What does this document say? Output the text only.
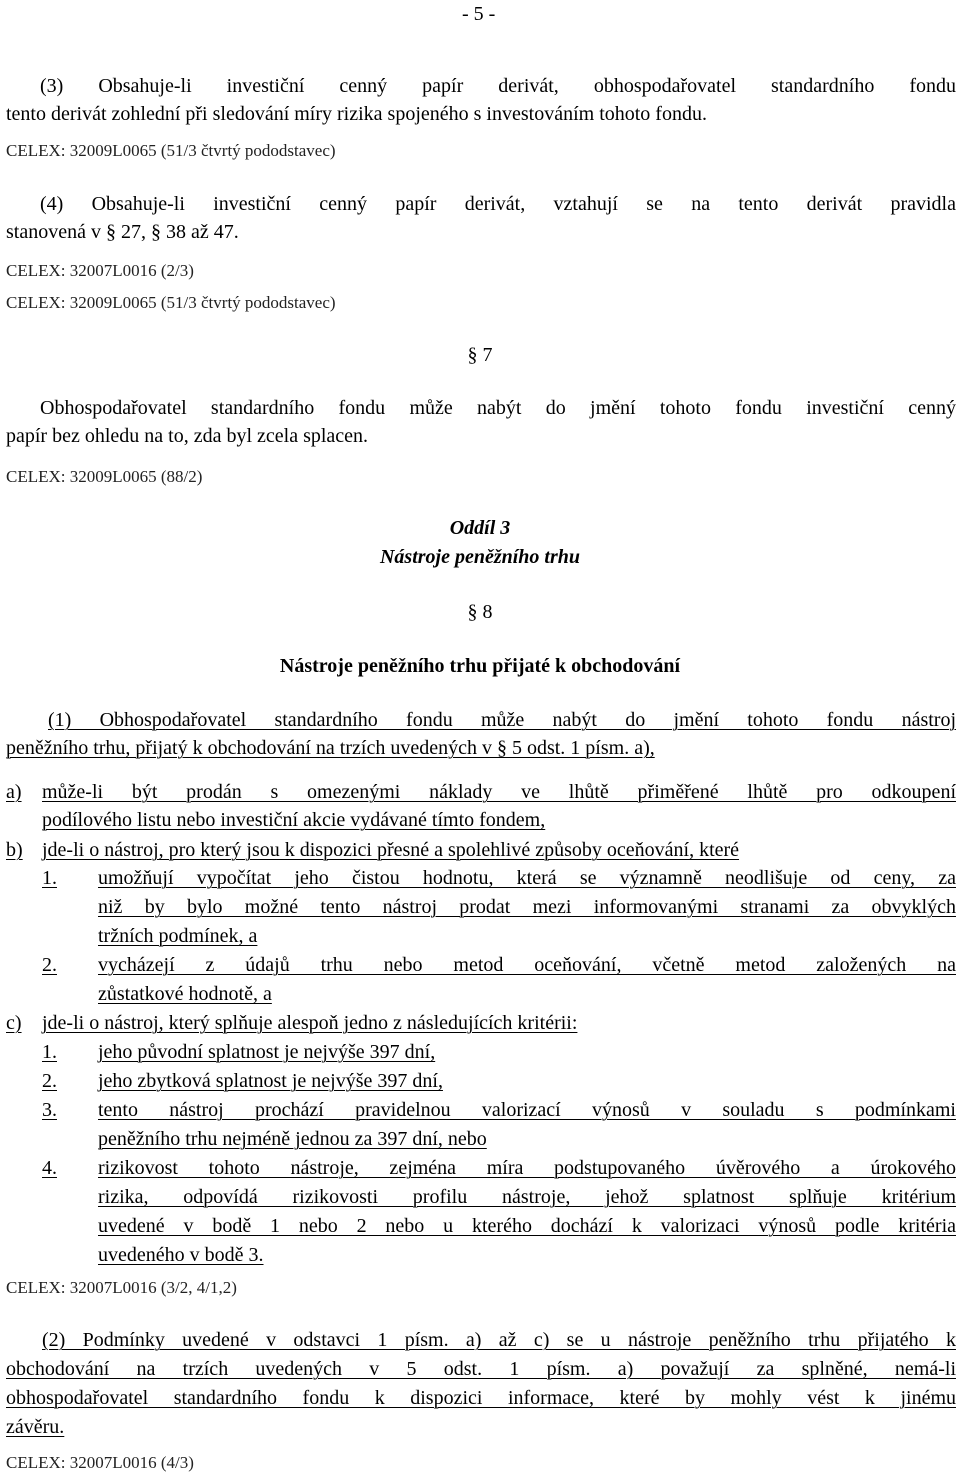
- 5 -
(3) Obsahuje-li investiční cenný papír derivát, obhospodařovatel standardního fondu
tento derivát zohlední při sledování míry rizika spojeného s investováním tohoto fondu.
CELEX: 32009L0065 (51/3 čtvrtý pododstavec)
(4) Obsahuje-li investiční cenný papír derivát, vztahují se na tento derivát pravidla
stanovená v § 27, § 38 až 47.
CELEX: 32007L0016 (2/3)
CELEX: 32009L0065 (51/3 čtvrtý pododstavec)
§ 7
Obhospodařovatel standardního fondu může nabýt do jmění tohoto fondu investiční cenný
papír bez ohledu na to, zda byl zcela splacen.
CELEX: 32009L0065 (88/2)
Oddíl 3
Nástroje peněžního trhu
§ 8
Nástroje peněžního trhu přijaté k obchodování
(1) Obhospodařovatel standardního fondu může nabýt do jmění tohoto fondu nástroj
peněžního trhu, přijatý k obchodování na trzích uvedených v § 5 odst. 1 písm. a),
a) může-li být prodán s omezenými náklady ve lhůtě přiměřené lhůtě pro odkoupení
podílového listu nebo investiční akcie vydávané tímto fondem,
b) jde-li o nástroj, pro který jsou k dispozici přesné a spolehlivé způsoby oceňování, které
1. umožňují vypočítat jeho čistou hodnotu, která se významně neodlišuje od ceny, za
niž by bylo možné tento nástroj prodat mezi informovanými stranami za obvyklých
tržních podmínek, a
2. vycházejí z údajů trhu nebo metod oceňování, včetně metod založených na
zůstatkové hodnotě, a
c) jde-li o nástroj, který splňuje alespoň jedno z následujících kritérii:
1. jeho původní splatnost je nejvýše 397 dní,
2. jeho zbytková splatnost je nejvýše 397 dní,
3. tento nástroj prochází pravidelnou valorizací výnosů v souladu s podmínkami
peněžního trhu nejméně jednou za 397 dní, nebo
4. rizikovost tohoto nástroje, zejména míra podstupovaného úvěrového a úrokového
rizika, odpovídá rizikovosti profilu nástroje, jehož splatnost splňuje kritérium
uvedené v bodě 1 nebo 2 nebo u kterého dochází k valorizaci výnosů podle kritéria
uvedeného v bodě 3.
CELEX: 32007L0016 (3/2, 4/1,2)
(2) Podmínky uvedené v odstavci 1 písm. a) až c) se u nástroje peněžního trhu přijatého k
obchodování na trzích uvedených v 5 odst. 1 písm. a) považují za splněné, nemá-li
obhospodařovatel standardního fondu k dispozici informace, které by mohly vést k jinému
závěru.
CELEX: 32007L0016 (4/3)
